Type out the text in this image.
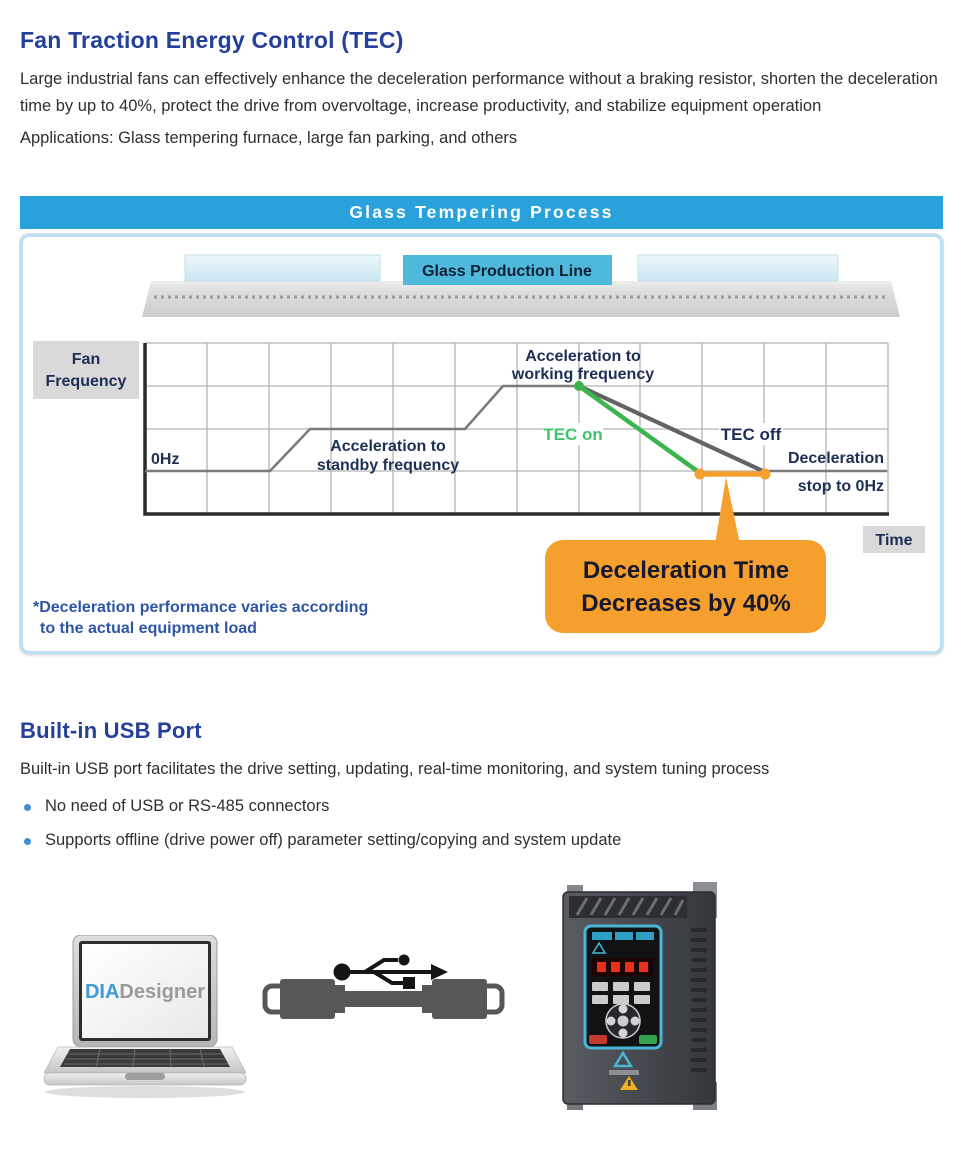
Fan Traction Energy Control (TEC)

Large industrial fans can effectively enhance the deceleration performance without a braking resistor, shorten the deceleration time by up to 40%, protect the drive from overvoltage, increase productivity, and stabilize equipment operation

Applications: Glass tempering furnace, large fan parking, and others

Glass Tempering Process
Glass Production Line
Fan
Frequency
0Hz
Acceleration to
standby frequency
Acceleration to
working frequency
TEC on	TEC off
Deceleration
stop to 0Hz
Time
Deceleration Time
Decreases by 40%
*Deceleration performance varies according
to the actual equipment load
Built-in USB Port

Built-in USB port facilitates the drive setting, updating, real-time monitoring, and system tuning process

No need of USB or RS-485 connectors
Supports offline (drive power off) parameter setting/copying and system update
DIADesigner
